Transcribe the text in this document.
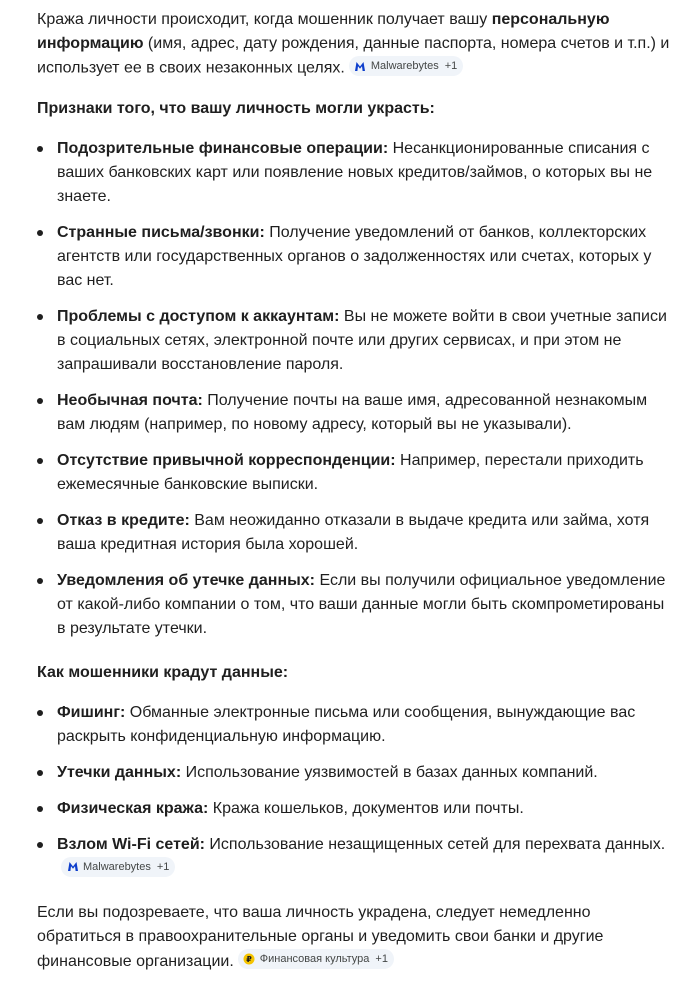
Кража личности происходит, когда мошенник получает вашу персональную информацию (имя, адрес, дату рождения, данные паспорта, номера счетов и т.п.) и использует ее в своих незаконных целях. Malwarebytes +1

Признаки того, что вашу личность могли украсть:

Подозрительные финансовые операции: Несанкционированные списания с ваших банковских карт или появление новых кредитов/займов, о которых вы не знаете.
Странные письма/звонки: Получение уведомлений от банков, коллекторских агентств или государственных органов о задолженностях или счетах, которых у вас нет.
Проблемы с доступом к аккаунтам: Вы не можете войти в свои учетные записи в социальных сетях, электронной почте или других сервисах, и при этом не запрашивали восстановление пароля.
Необычная почта: Получение почты на ваше имя, адресованной незнакомым вам людям (например, по новому адресу, который вы не указывали).
Отсутствие привычной корреспонденции: Например, перестали приходить ежемесячные банковские выписки.
Отказ в кредите: Вам неожиданно отказали в выдаче кредита или займа, хотя ваша кредитная история была хорошей.
Уведомления об утечке данных: Если вы получили официальное уведомление от какой-либо компании о том, что ваши данные могли быть скомпрометированы в результате утечки.

Как мошенники крадут данные:

Фишинг: Обманные электронные письма или сообщения, вынуждающие вас раскрыть конфиденциальную информацию.
Утечки данных: Использование уязвимостей в базах данных компаний.
Физическая кража: Кража кошельков, документов или почты.
Взлом Wi-Fi сетей: Использование незащищенных сетей для перехвата данных.
Malwarebytes +1

Если вы подозреваете, что ваша личность украдена, следует немедленно обратиться в правоохранительные органы и уведомить свои банки и другие финансовые организации. ₽ Финансовая культура +1
